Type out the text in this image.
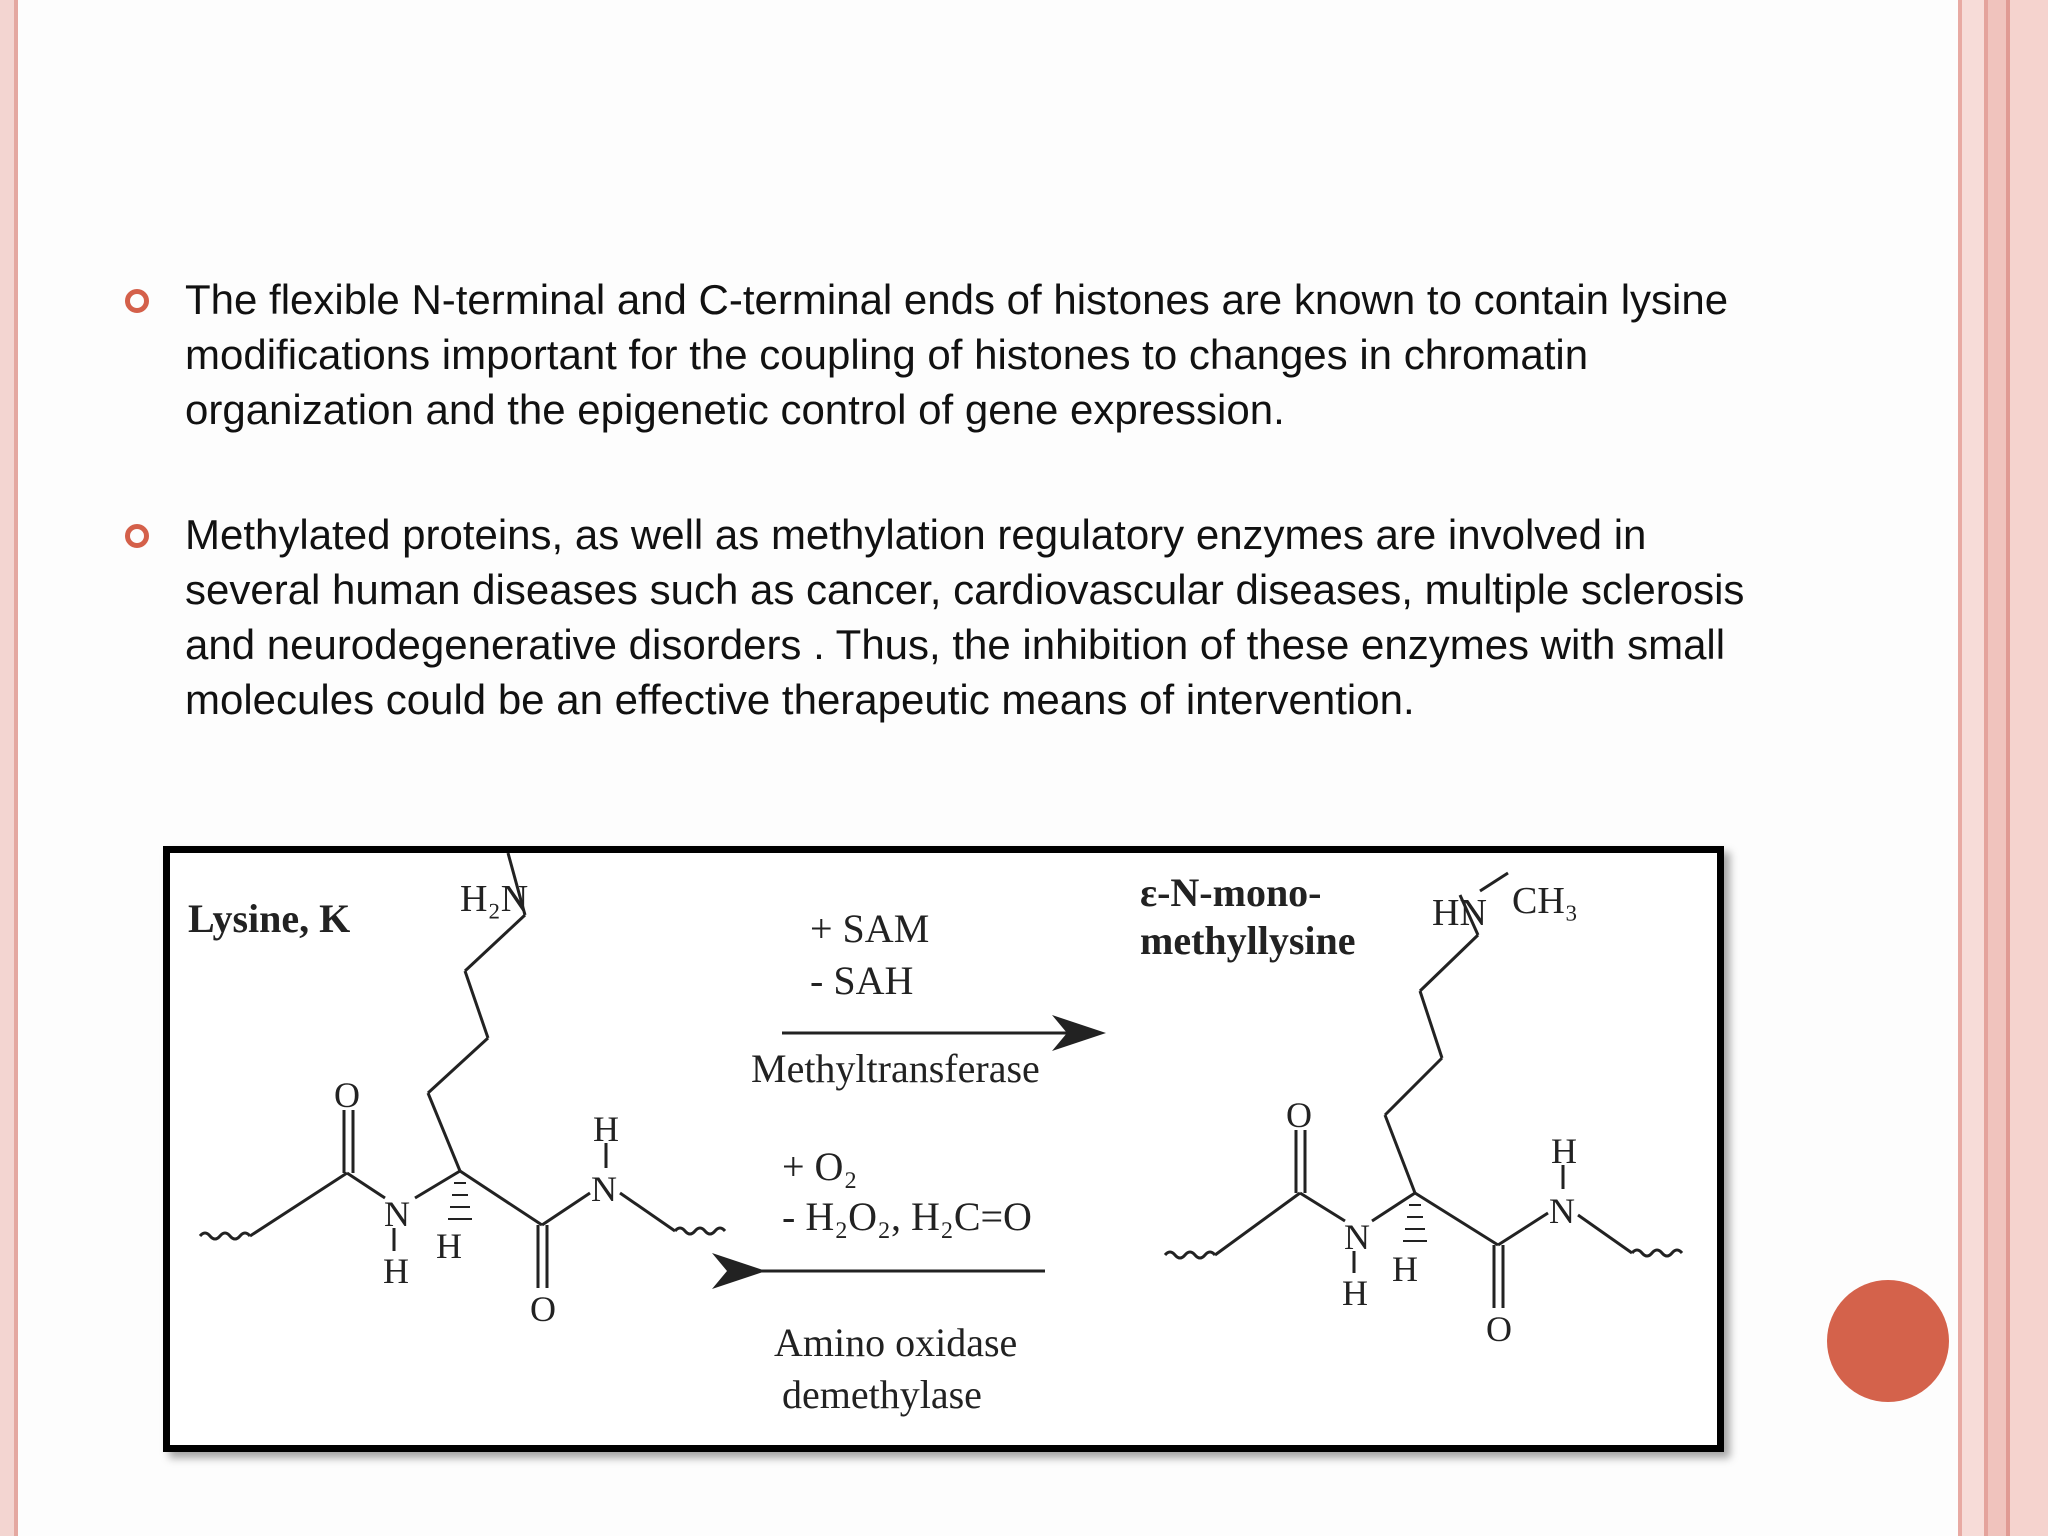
The flexible N-terminal and C-terminal ends of histones are known to contain lysine
modifications important for the coupling of histones to changes in chromatin
organization and the epigenetic control of gene expression.
Methylated proteins, as well as methylation regulatory enzymes are involved in
several human diseases such as cancer, cardiovascular diseases, multiple sclerosis
and neurodegenerative disorders . Thus, the inhibition of these enzymes with small
molecules could be an effective therapeutic means of intervention.
O
N
H
H
O
H
N
O
N
H
H
O
H
N
Lysine, K	H₂N
+ SAM
- SAH
Methyltransferase
+ O₂
- H₂O₂, H₂C=O
Amino oxidase
demethylase
ε-N-mono-
methyllysine
HN CH₃
